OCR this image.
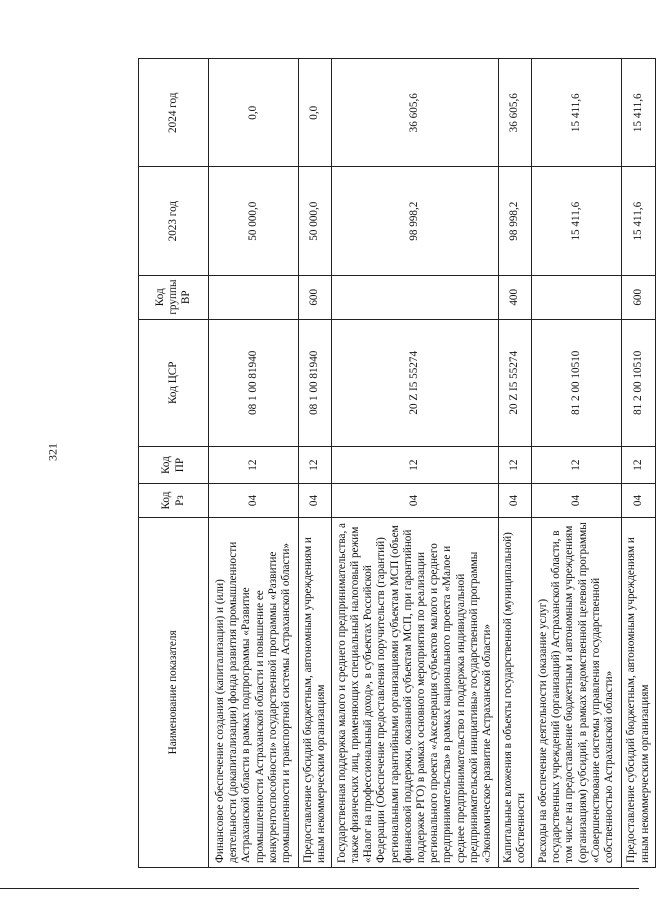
321
Наименование показателя	Код Рз	Код ПР	Код ЦСР	Код группы ВР	2023 год	2024 год
Финансовое обеспечение создания (капитализации) и (или) деятельности (докапитализации) фонда развития промышленности Астраханской области в рамках подпрограммы «Развитие промышленности Астраханской области и повышение ее конкурентоспособности» государственной программы «Развитие промышленности и транспортной системы Астраханской области»	04	12	08 1 00 81940		50 000,0	0,0
Предоставление субсидий бюджетным, автономным учреждениям и иным некоммерческим организациям	04	12	08 1 00 81940	600	50 000,0	0,0
Государственная поддержка малого и среднего предпринимательства, а также физических лиц, применяющих специальный налоговый режим «Налог на профессиональный доход», в субъектах Российской Федерации (Обеспечение предоставления поручительств (гарантий) региональными гарантийными организациями субъектам МСП (объем финансовой поддержки, оказанной субъектам МСП, при гарантийной поддержке РГО) в рамках основного мероприятия по реализации регионального проекта «Акселерация субъектов малого и среднего предпринимательства» в рамках национального проекта «Малое и среднее предпринимательство и поддержка индивидуальной предпринимательской инициативы» государственной программы «Экономическое развитие Астраханской области»	04	12	20 Z I5 55274		98 998,2	36 605,6
Капитальные вложения в объекты государственной (муниципальной) собственности	04	12	20 Z I5 55274	400	98 998,2	36 605,6
Расходы на обеспечение деятельности (оказание услуг) государственных учреждений (организаций) Астраханской области, в том числе на предоставление бюджетным и автономным учреждениям (организациям) субсидий, в рамках ведомственной целевой программы «Совершенствование системы управления государственной собственностью Астраханской области»	04	12	81 2 00 10510		15 411,6	15 411,6
Предоставление субсидий бюджетным, автономным учреждениям и иным некоммерческим организациям	04	12	81 2 00 10510	600	15 411,6	15 411,6
